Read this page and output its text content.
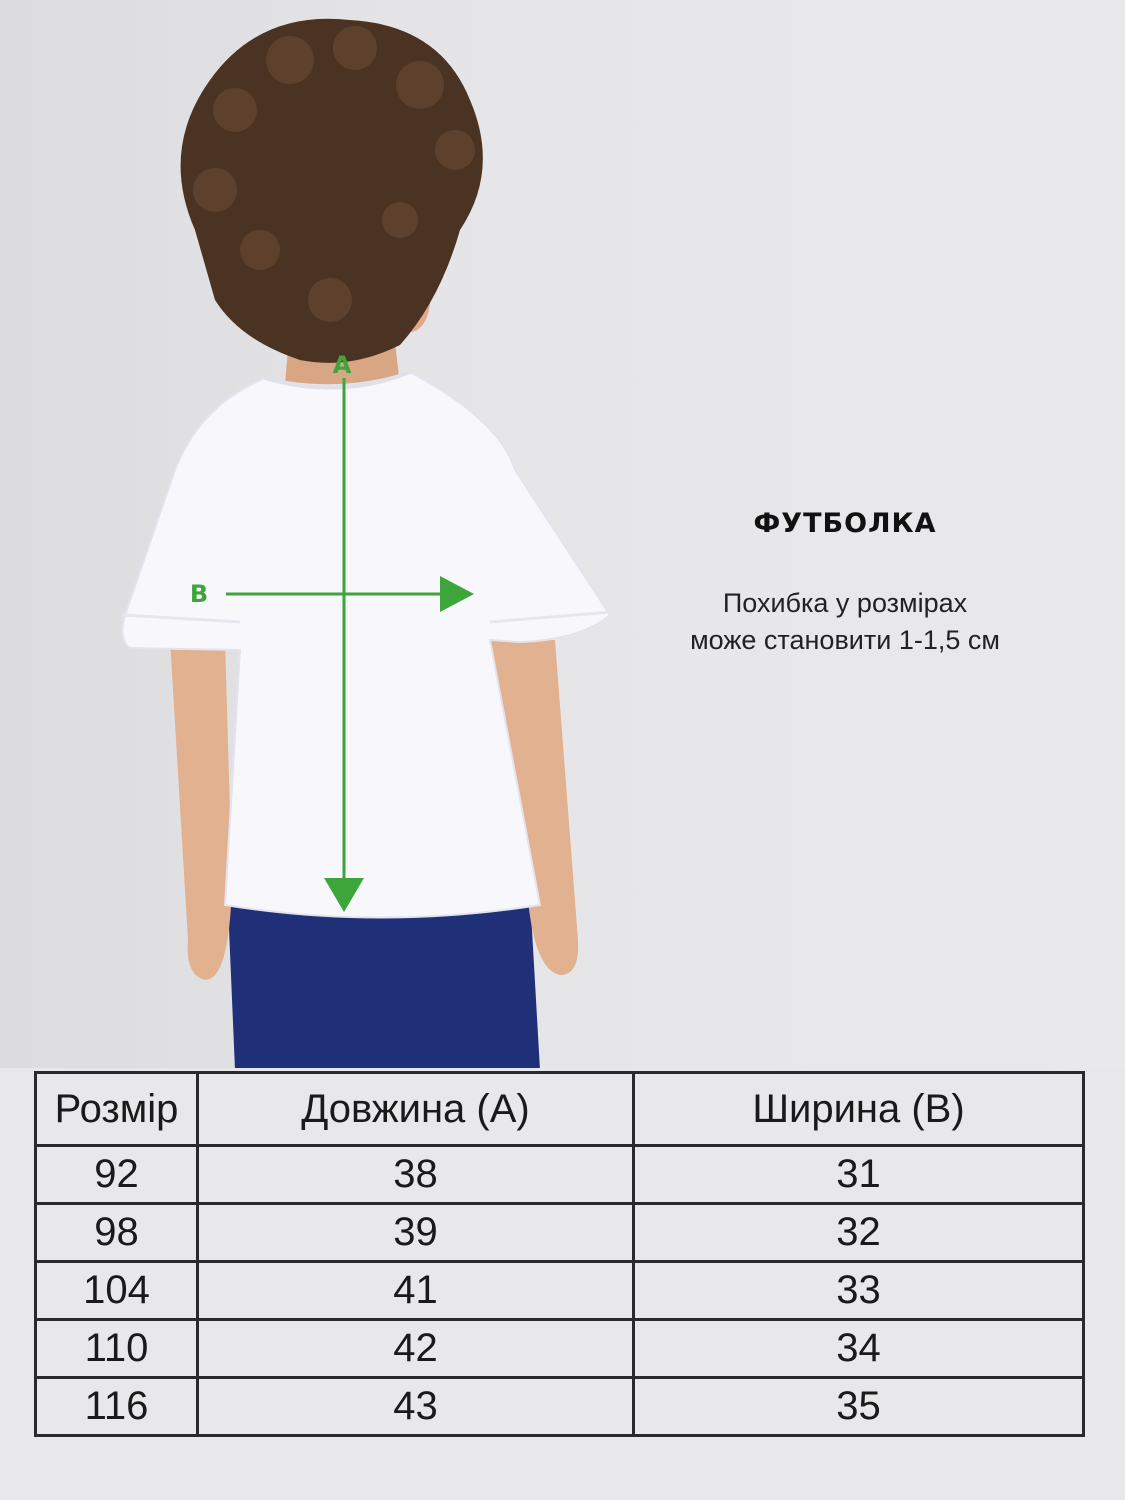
A
B
ФУТБОЛКА
Похибка у розмірах
може становити 1-1,5 см
Розмір	Довжина (А)	Ширина (В)
92	38	31
98	39	32
104	41	33
110	42	34
116	43	35
